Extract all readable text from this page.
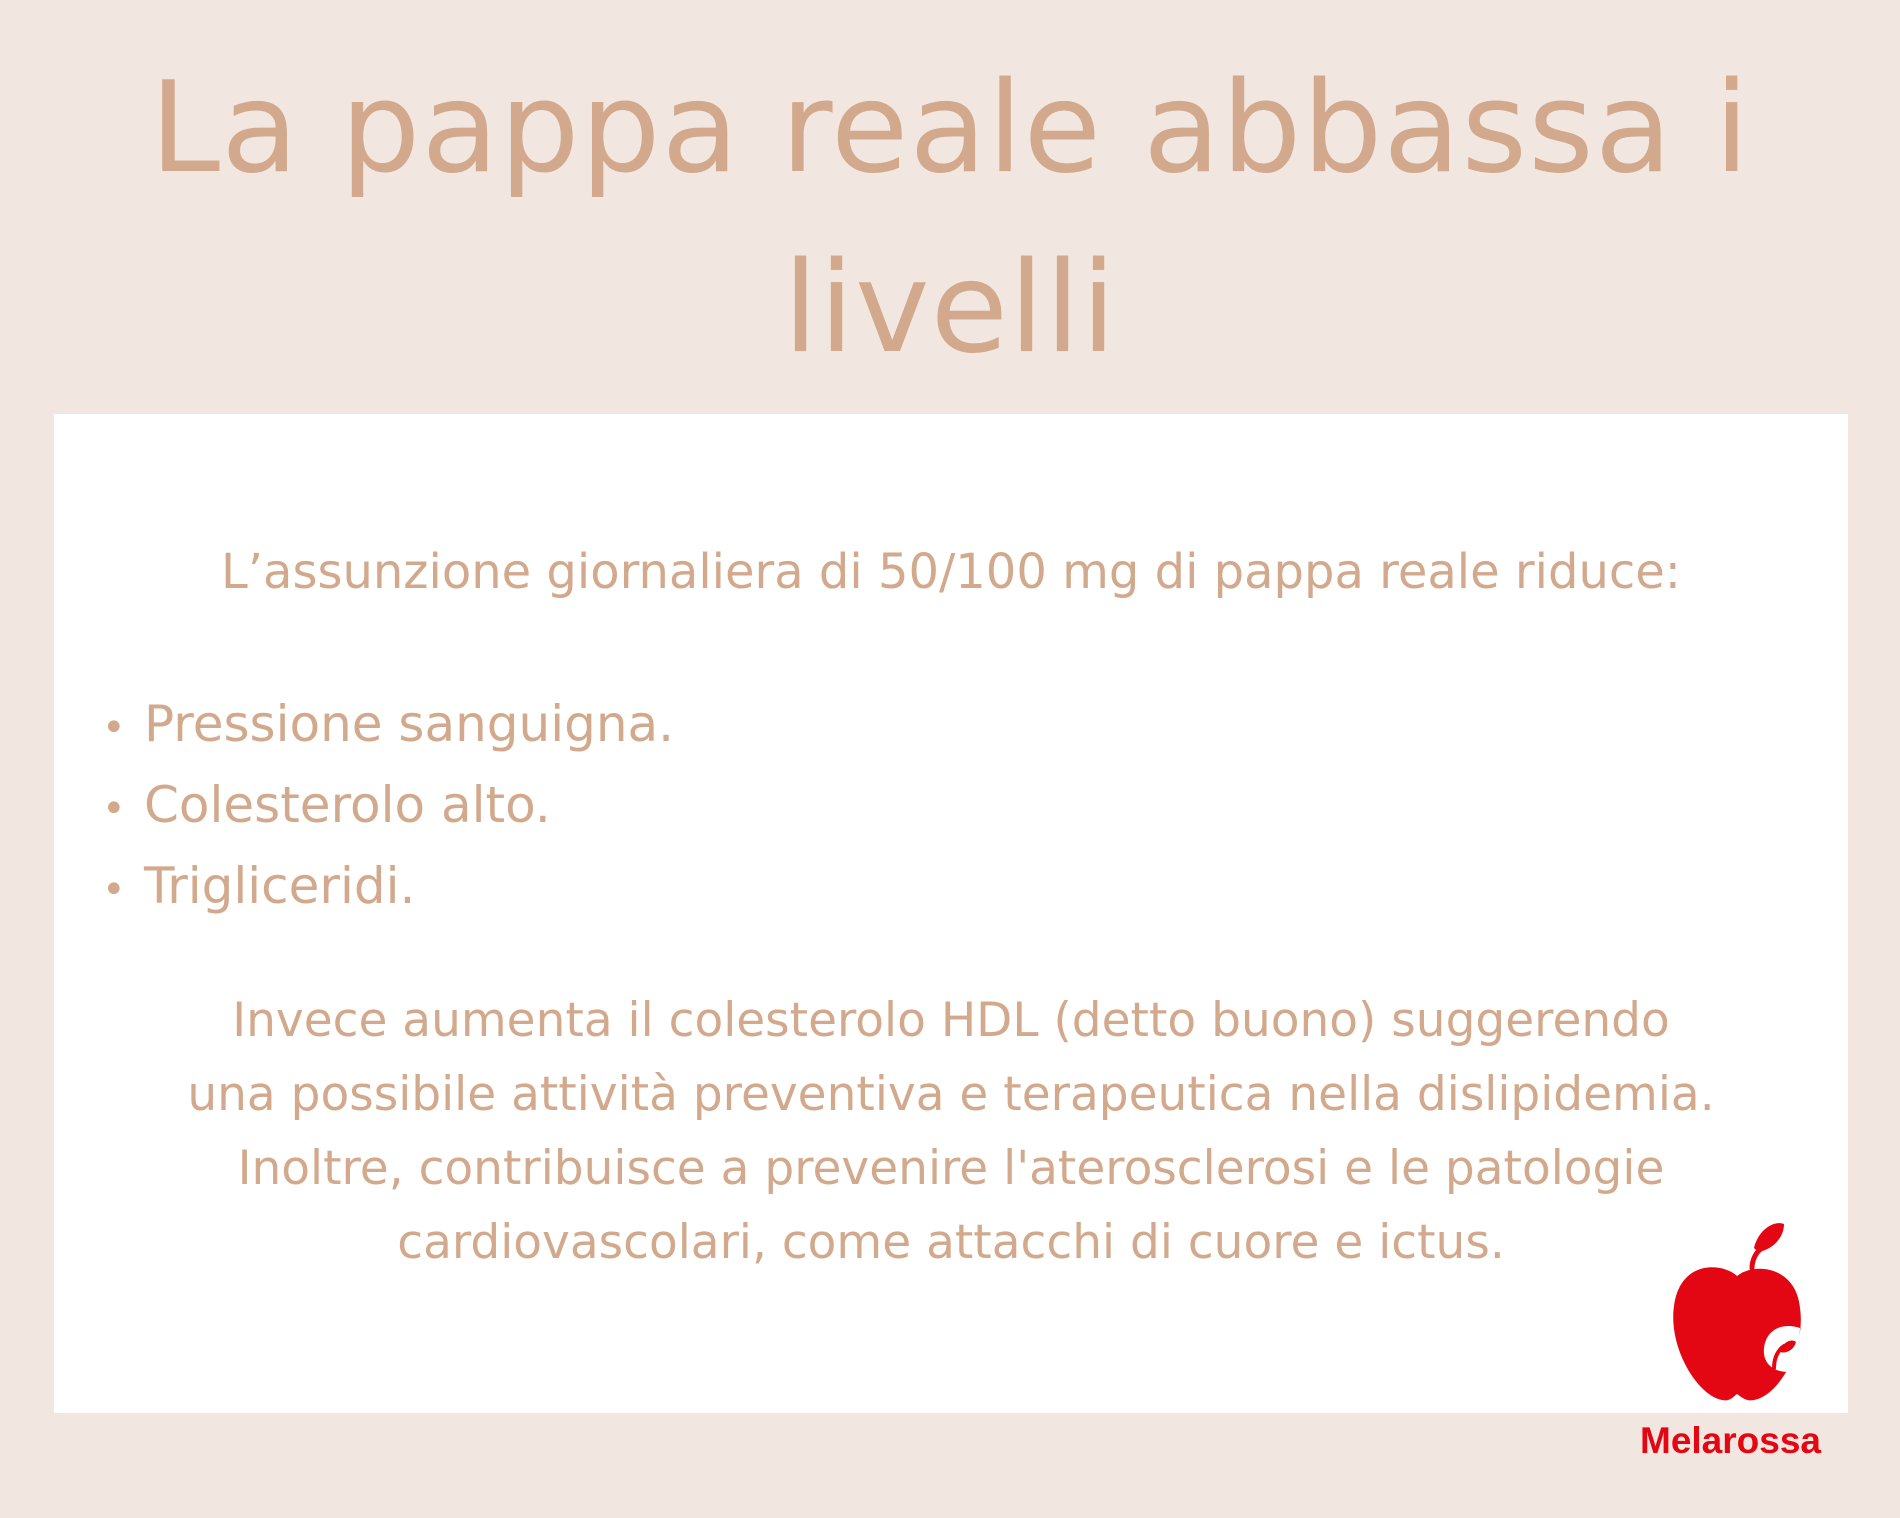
La pappa reale abbassa i livelli

L’assunzione giornaliera di 50/100 mg di pappa reale riduce:

• Pressione sanguigna.
• Colesterolo alto.
• Trigliceridi.

Invece aumenta il colesterolo HDL (detto buono) suggerendo
una possibile attività preventiva e terapeutica nella dislipidemia.
Inoltre, contribuisce a prevenire l'aterosclerosi e le patologie
cardiovascolari, come attacchi di cuore e ictus.

Melarossa
